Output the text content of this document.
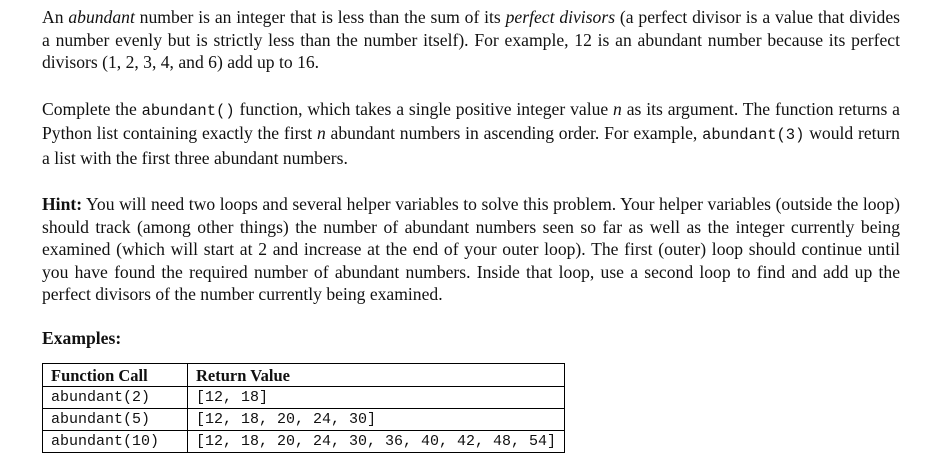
An abundant number is an integer that is less than the sum of its perfect divisors (a perfect divisor is a value that divides a number evenly but is strictly less than the number itself). For example, 12 is an abundant number because its perfect divisors (1, 2, 3, 4, and 6) add up to 16.

Complete the abundant() function, which takes a single positive integer value n as its argument. The function returns a Python list containing exactly the first n abundant numbers in ascending order. For example, abundant(3) would return a list with the first three abundant numbers.

Hint: You will need two loops and several helper variables to solve this problem. Your helper variables (outside the loop) should track (among other things) the number of abundant numbers seen so far as well as the integer currently being examined (which will start at 2 and increase at the end of your outer loop). The first (outer) loop should continue until you have found the required number of abundant numbers. Inside that loop, use a second loop to find and add up the perfect divisors of the number currently being examined.

Examples:
Function Call	Return Value
abundant(2)	[12, 18]
abundant(5)	[12, 18, 20, 24, 30]
abundant(10)	[12, 18, 20, 24, 30, 36, 40, 42, 48, 54]
